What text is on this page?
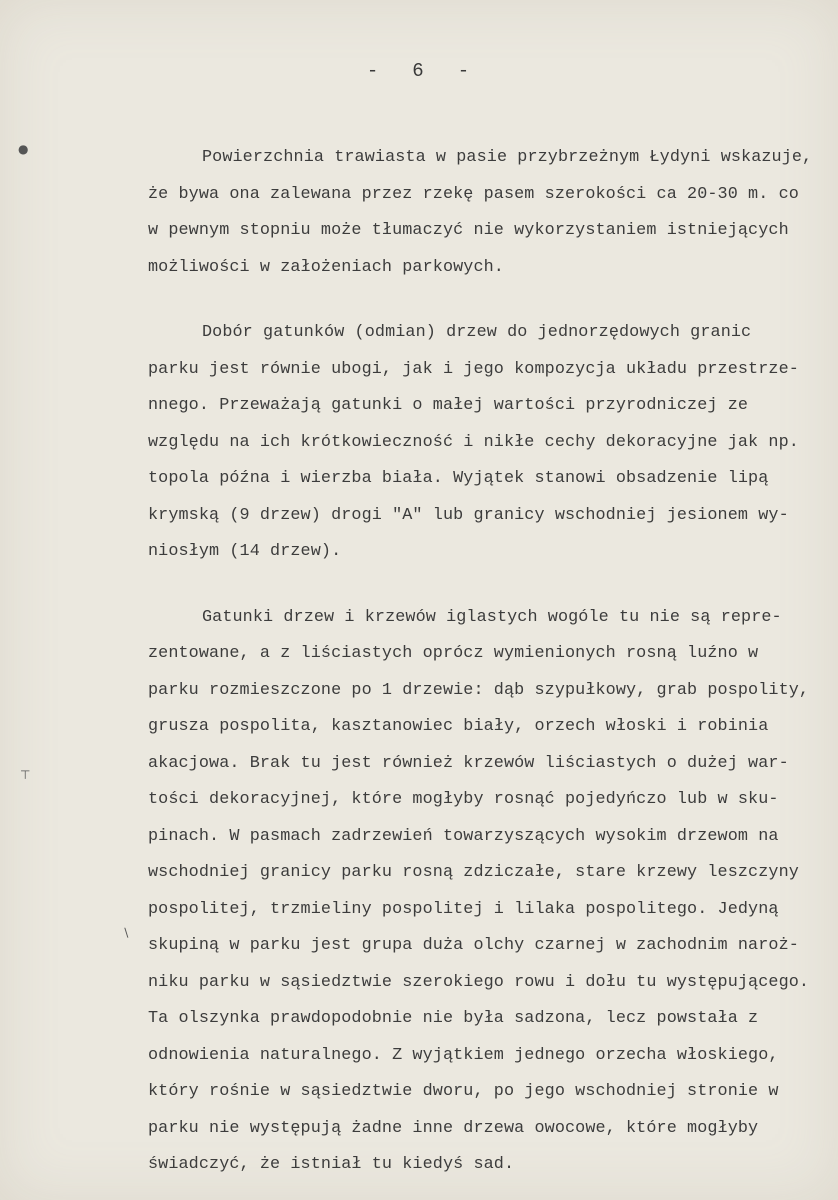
●
⊤
∖
- 6 -
Powierzchnia trawiasta w pasie przybrzeżnym Łydyni wskazuje,
że bywa ona zalewana przez rzekę pasem szerokości ca 20-30 m. co
w pewnym stopniu może tłumaczyć nie wykorzystaniem istniejących
możliwości w założeniach parkowych.
Dobór gatunków (odmian) drzew do jednorzędowych granic
parku jest równie ubogi, jak i jego kompozycja układu przestrze-
nnego. Przeważają gatunki o małej wartości przyrodniczej ze
względu na ich krótkowieczność i nikłe cechy dekoracyjne jak np.
topola późna i wierzba biała. Wyjątek stanowi obsadzenie lipą
krymską (9 drzew) drogi "A" lub granicy wschodniej jesionem wy-
niosłym (14 drzew).
Gatunki drzew i krzewów iglastych wogóle tu nie są repre-
zentowane, a z liściastych oprócz wymienionych rosną luźno w
parku rozmieszczone po 1 drzewie: dąb szypułkowy, grab pospolity,
grusza pospolita, kasztanowiec biały, orzech włoski i robinia
akacjowa. Brak tu jest również krzewów liściastych o dużej war-
tości dekoracyjnej, które mogłyby rosnąć pojedyńczo lub w sku-
pinach. W pasmach zadrzewień towarzyszących wysokim drzewom na
wschodniej granicy parku rosną zdziczałe, stare krzewy leszczyny
pospolitej, trzmieliny pospolitej i lilaka pospolitego. Jedyną
skupiną w parku jest grupa duża olchy czarnej w zachodnim naroż-
niku parku w sąsiedztwie szerokiego rowu i dołu tu występującego.
Ta olszynka prawdopodobnie nie była sadzona, lecz powstała z
odnowienia naturalnego. Z wyjątkiem jednego orzecha włoskiego,
który rośnie w sąsiedztwie dworu, po jego wschodniej stronie w
parku nie występują żadne inne drzewa owocowe, które mogłyby
świadczyć, że istniał tu kiedyś sad.
